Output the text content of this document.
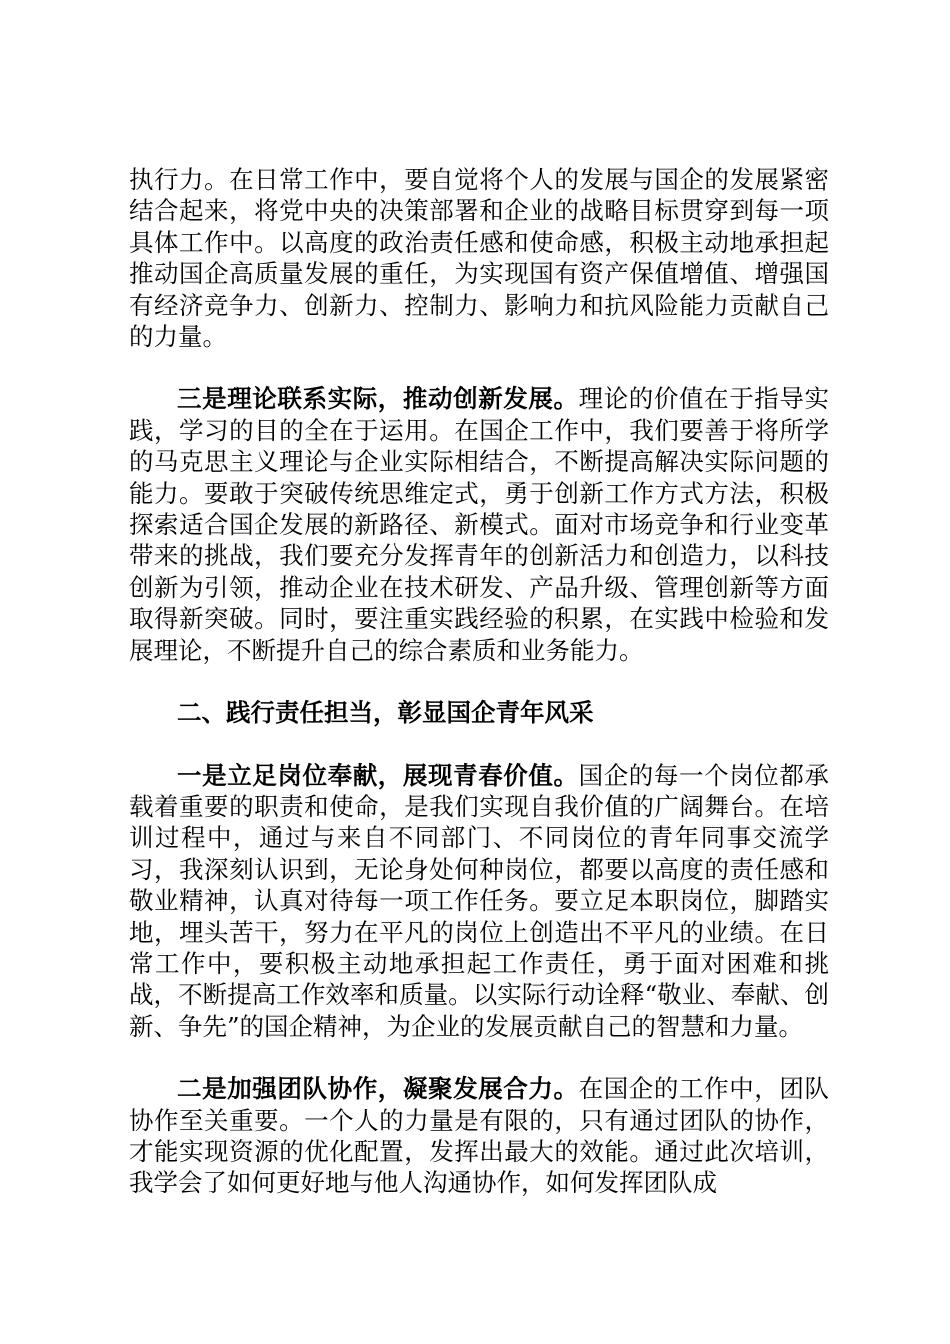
执行力。在日常工作中，要自觉将个人的发展与国企的发展紧密结合起来，将党中央的决策部署和企业的战略目标贯穿到每一项具体工作中。以高度的政治责任感和使命感，积极主动地承担起推动国企高质量发展的重任，为实现国有资产保值增值、增强国有经济竞争力、创新力、控制力、影响力和抗风险能力贡献自己的力量。

三是理论联系实际，推动创新发展。理论的价值在于指导实践，学习的目的全在于运用。在国企工作中，我们要善于将所学的马克思主义理论与企业实际相结合，不断提高解决实际问题的能力。要敢于突破传统思维定式，勇于创新工作方式方法，积极探索适合国企发展的新路径、新模式。面对市场竞争和行业变革带来的挑战，我们要充分发挥青年的创新活力和创造力，以科技创新为引领，推动企业在技术研发、产品升级、管理创新等方面取得新突破。同时，要注重实践经验的积累，在实践中检验和发展理论，不断提升自己的综合素质和业务能力。

二、践行责任担当，彰显国企青年风采

一是立足岗位奉献，展现青春价值。国企的每一个岗位都承载着重要的职责和使命，是我们实现自我价值的广阔舞台。在培训过程中，通过与来自不同部门、不同岗位的青年同事交流学习，我深刻认识到，无论身处何种岗位，都要以高度的责任感和敬业精神，认真对待每一项工作任务。要立足本职岗位，脚踏实地，埋头苦干，努力在平凡的岗位上创造出不平凡的业绩。在日常工作中，要积极主动地承担起工作责任，勇于面对困难和挑战，不断提高工作效率和质量。以实际行动诠释“敬业、奉献、创新、争先”的国企精神，为企业的发展贡献自己的智慧和力量。

二是加强团队协作，凝聚发展合力。在国企的工作中，团队协作至关重要。一个人的力量是有限的，只有通过团队的协作，才能实现资源的优化配置，发挥出最大的效能。通过此次培训，我学会了如何更好地与他人沟通协作，如何发挥团队成
